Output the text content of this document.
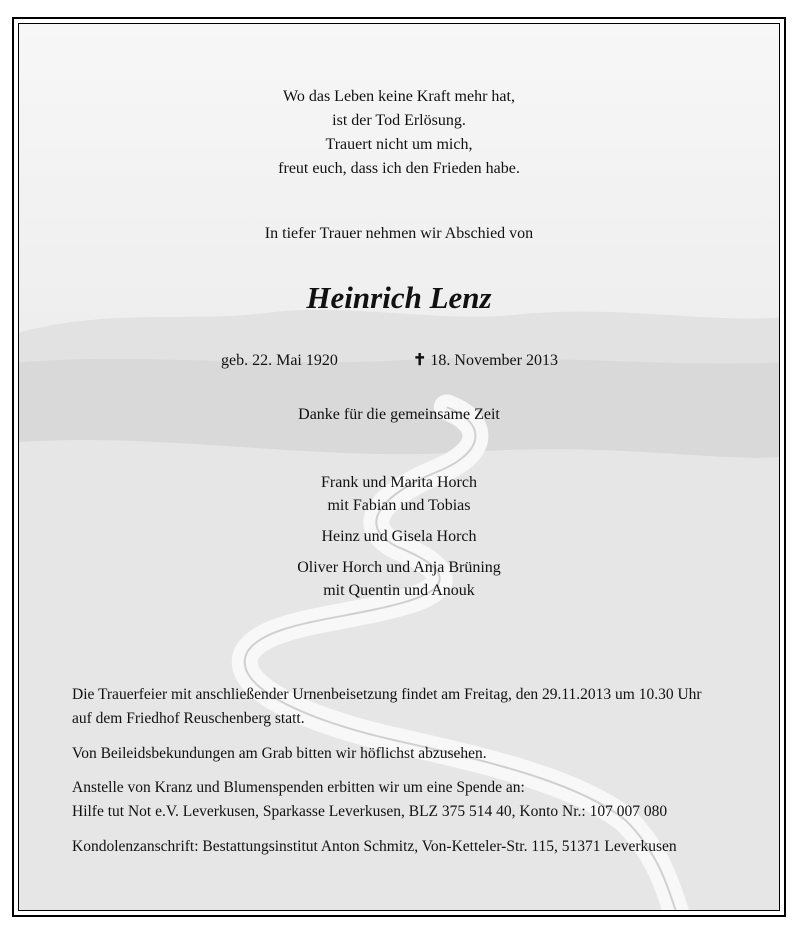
Wo das Leben keine Kraft mehr hat,

ist der Tod Erlösung.

Trauert nicht um mich,

freut euch, dass ich den Frieden habe.

In tiefer Trauer nehmen wir Abschied von

Heinrich Lenz
geb. 22. Mai 1920	✝ 18. November 2013

Danke für die gemeinsame Zeit

Frank und Marita Horch

mit Fabian und Tobias

Heinz und Gisela Horch

Oliver Horch und Anja Brüning

mit Quentin und Anouk

Die Trauerfeier mit anschließender Urnenbeisetzung findet am Freitag, den 29.11.2013 um 10.30 Uhr

auf dem Friedhof Reuschenberg statt.

Von Beileidsbekundungen am Grab bitten wir höflichst abzusehen.

Anstelle von Kranz und Blumenspenden erbitten wir um eine Spende an:

Hilfe tut Not e.V. Leverkusen, Sparkasse Leverkusen, BLZ 375 514 40, Konto Nr.: 107 007 080

Kondolenzanschrift: Bestattungsinstitut Anton Schmitz, Von-Ketteler-Str. 115, 51371 Leverkusen
